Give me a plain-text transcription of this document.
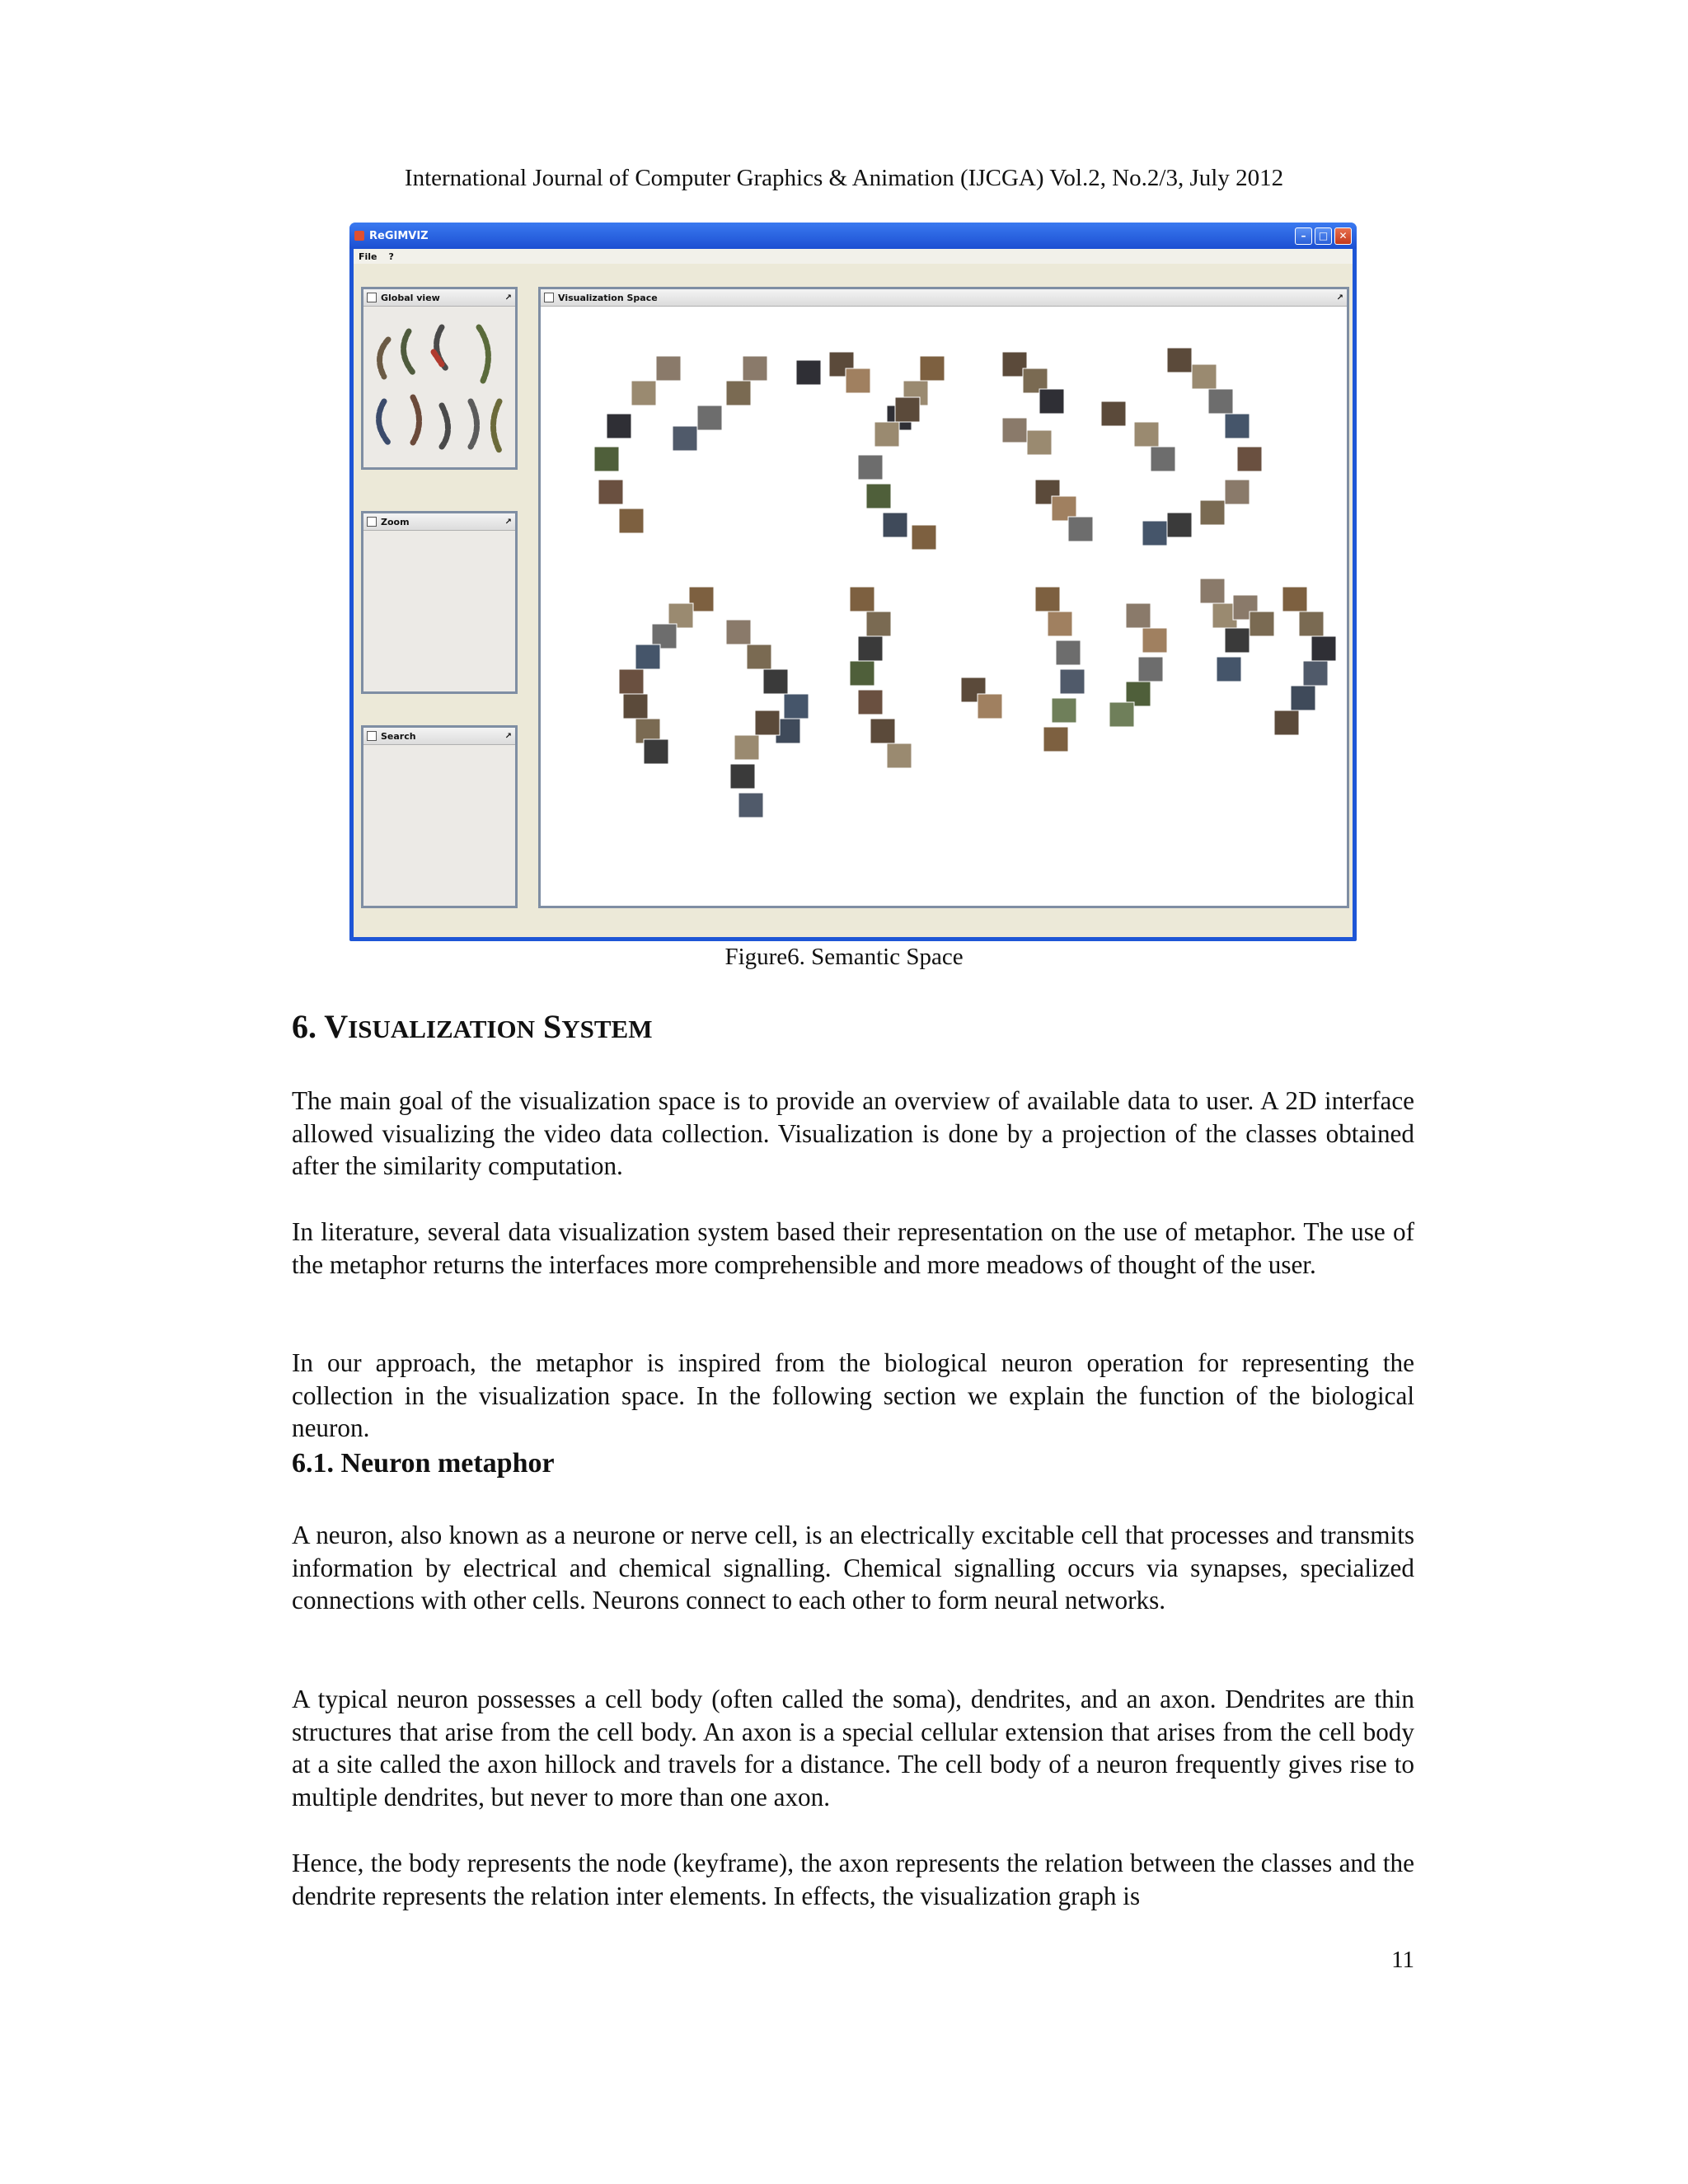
International Journal of Computer Graphics & Animation (IJCGA) Vol.2, No.2/3, July 2012
ReGIMVIZ	–	□	✕
File ?
Global view	↗
Zoom	↗
Search	↗
Visualization Space	↗
Figure6. Semantic Space
6. VISUALIZATION SYSTEM

The main goal of the visualization space is to provide an overview of available data to user. A 2D interface allowed visualizing the video data collection. Visualization is done by a projection of the classes obtained after the similarity computation.

In literature, several data visualization system based their representation on the use of metaphor. The use of the metaphor returns the interfaces more comprehensible and more meadows of thought of the user.

In our approach, the metaphor is inspired from the biological neuron operation for representing the collection in the visualization space. In the following section we explain the function of the biological neuron.

6.1. Neuron metaphor

A neuron, also known as a neurone or nerve cell, is an electrically excitable cell that processes and transmits information by electrical and chemical signalling. Chemical signalling occurs via synapses, specialized connections with other cells. Neurons connect to each other to form neural networks.

A typical neuron possesses a cell body (often called the soma), dendrites, and an axon. Dendrites are thin structures that arise from the cell body. An axon is a special cellular extension that arises from the cell body at a site called the axon hillock and travels for a distance. The cell body of a neuron frequently gives rise to multiple dendrites, but never to more than one axon.

Hence, the body represents the node (keyframe), the axon represents the relation between the classes and the dendrite represents the relation inter elements. In effects, the visualization graph is

11
